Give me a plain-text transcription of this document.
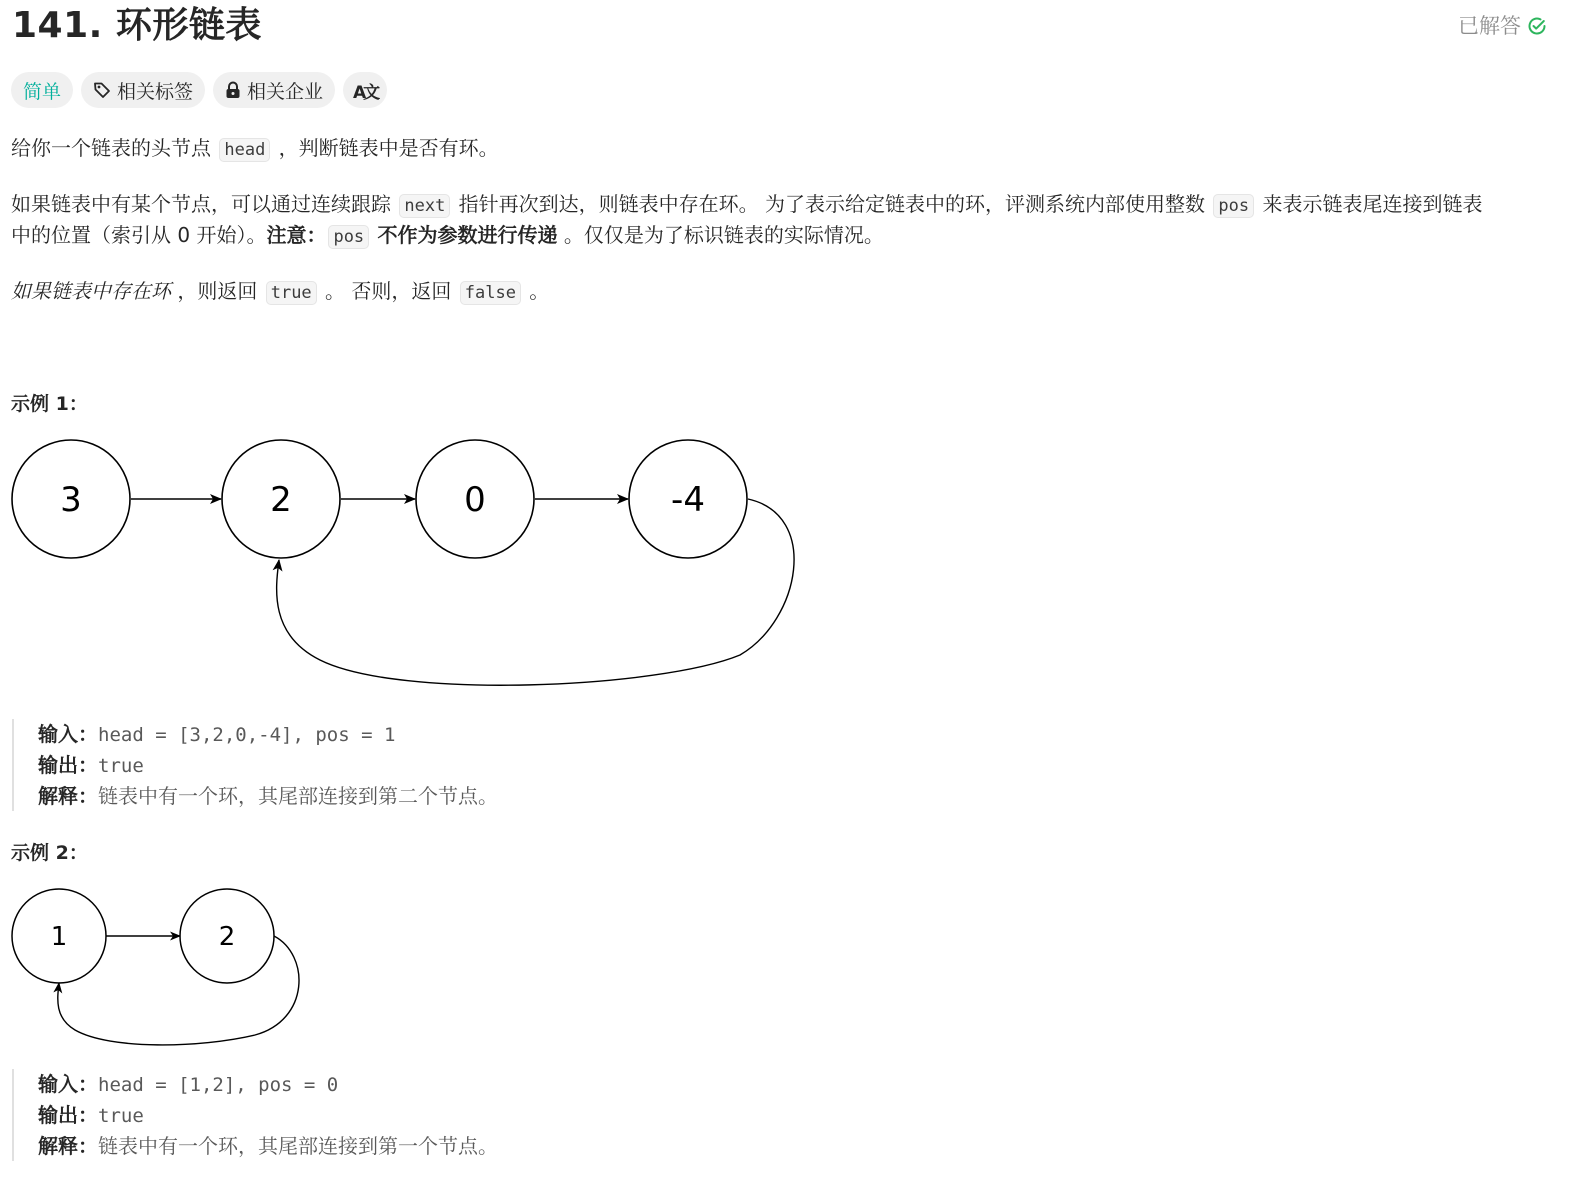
141. 环形链表	已解答
简单	相关标签	相关企业 A文
给你一个链表的头节点 head ，判断链表中是否有环。
如果链表中有某个节点，可以通过连续跟踪 next 指针再次到达，则链表中存在环。 为了表示给定链表中的环，评测系统内部使用整数 pos 来表示链表尾连接到链表
中的位置（索引从 0 开始）。注意： pos 不作为参数进行传递 。仅仅是为了标识链表的实际情况。
如果链表中存在环 ，则返回 true 。 否则，返回 false 。
示例 1：
3	2	0	-4
输入：head = [3,2,0,-4], pos = 1
输出：true
解释：链表中有一个环，其尾部连接到第二个节点。
示例 2：
1	2
输入：head = [1,2], pos = 0
输出：true
解释：链表中有一个环，其尾部连接到第一个节点。
